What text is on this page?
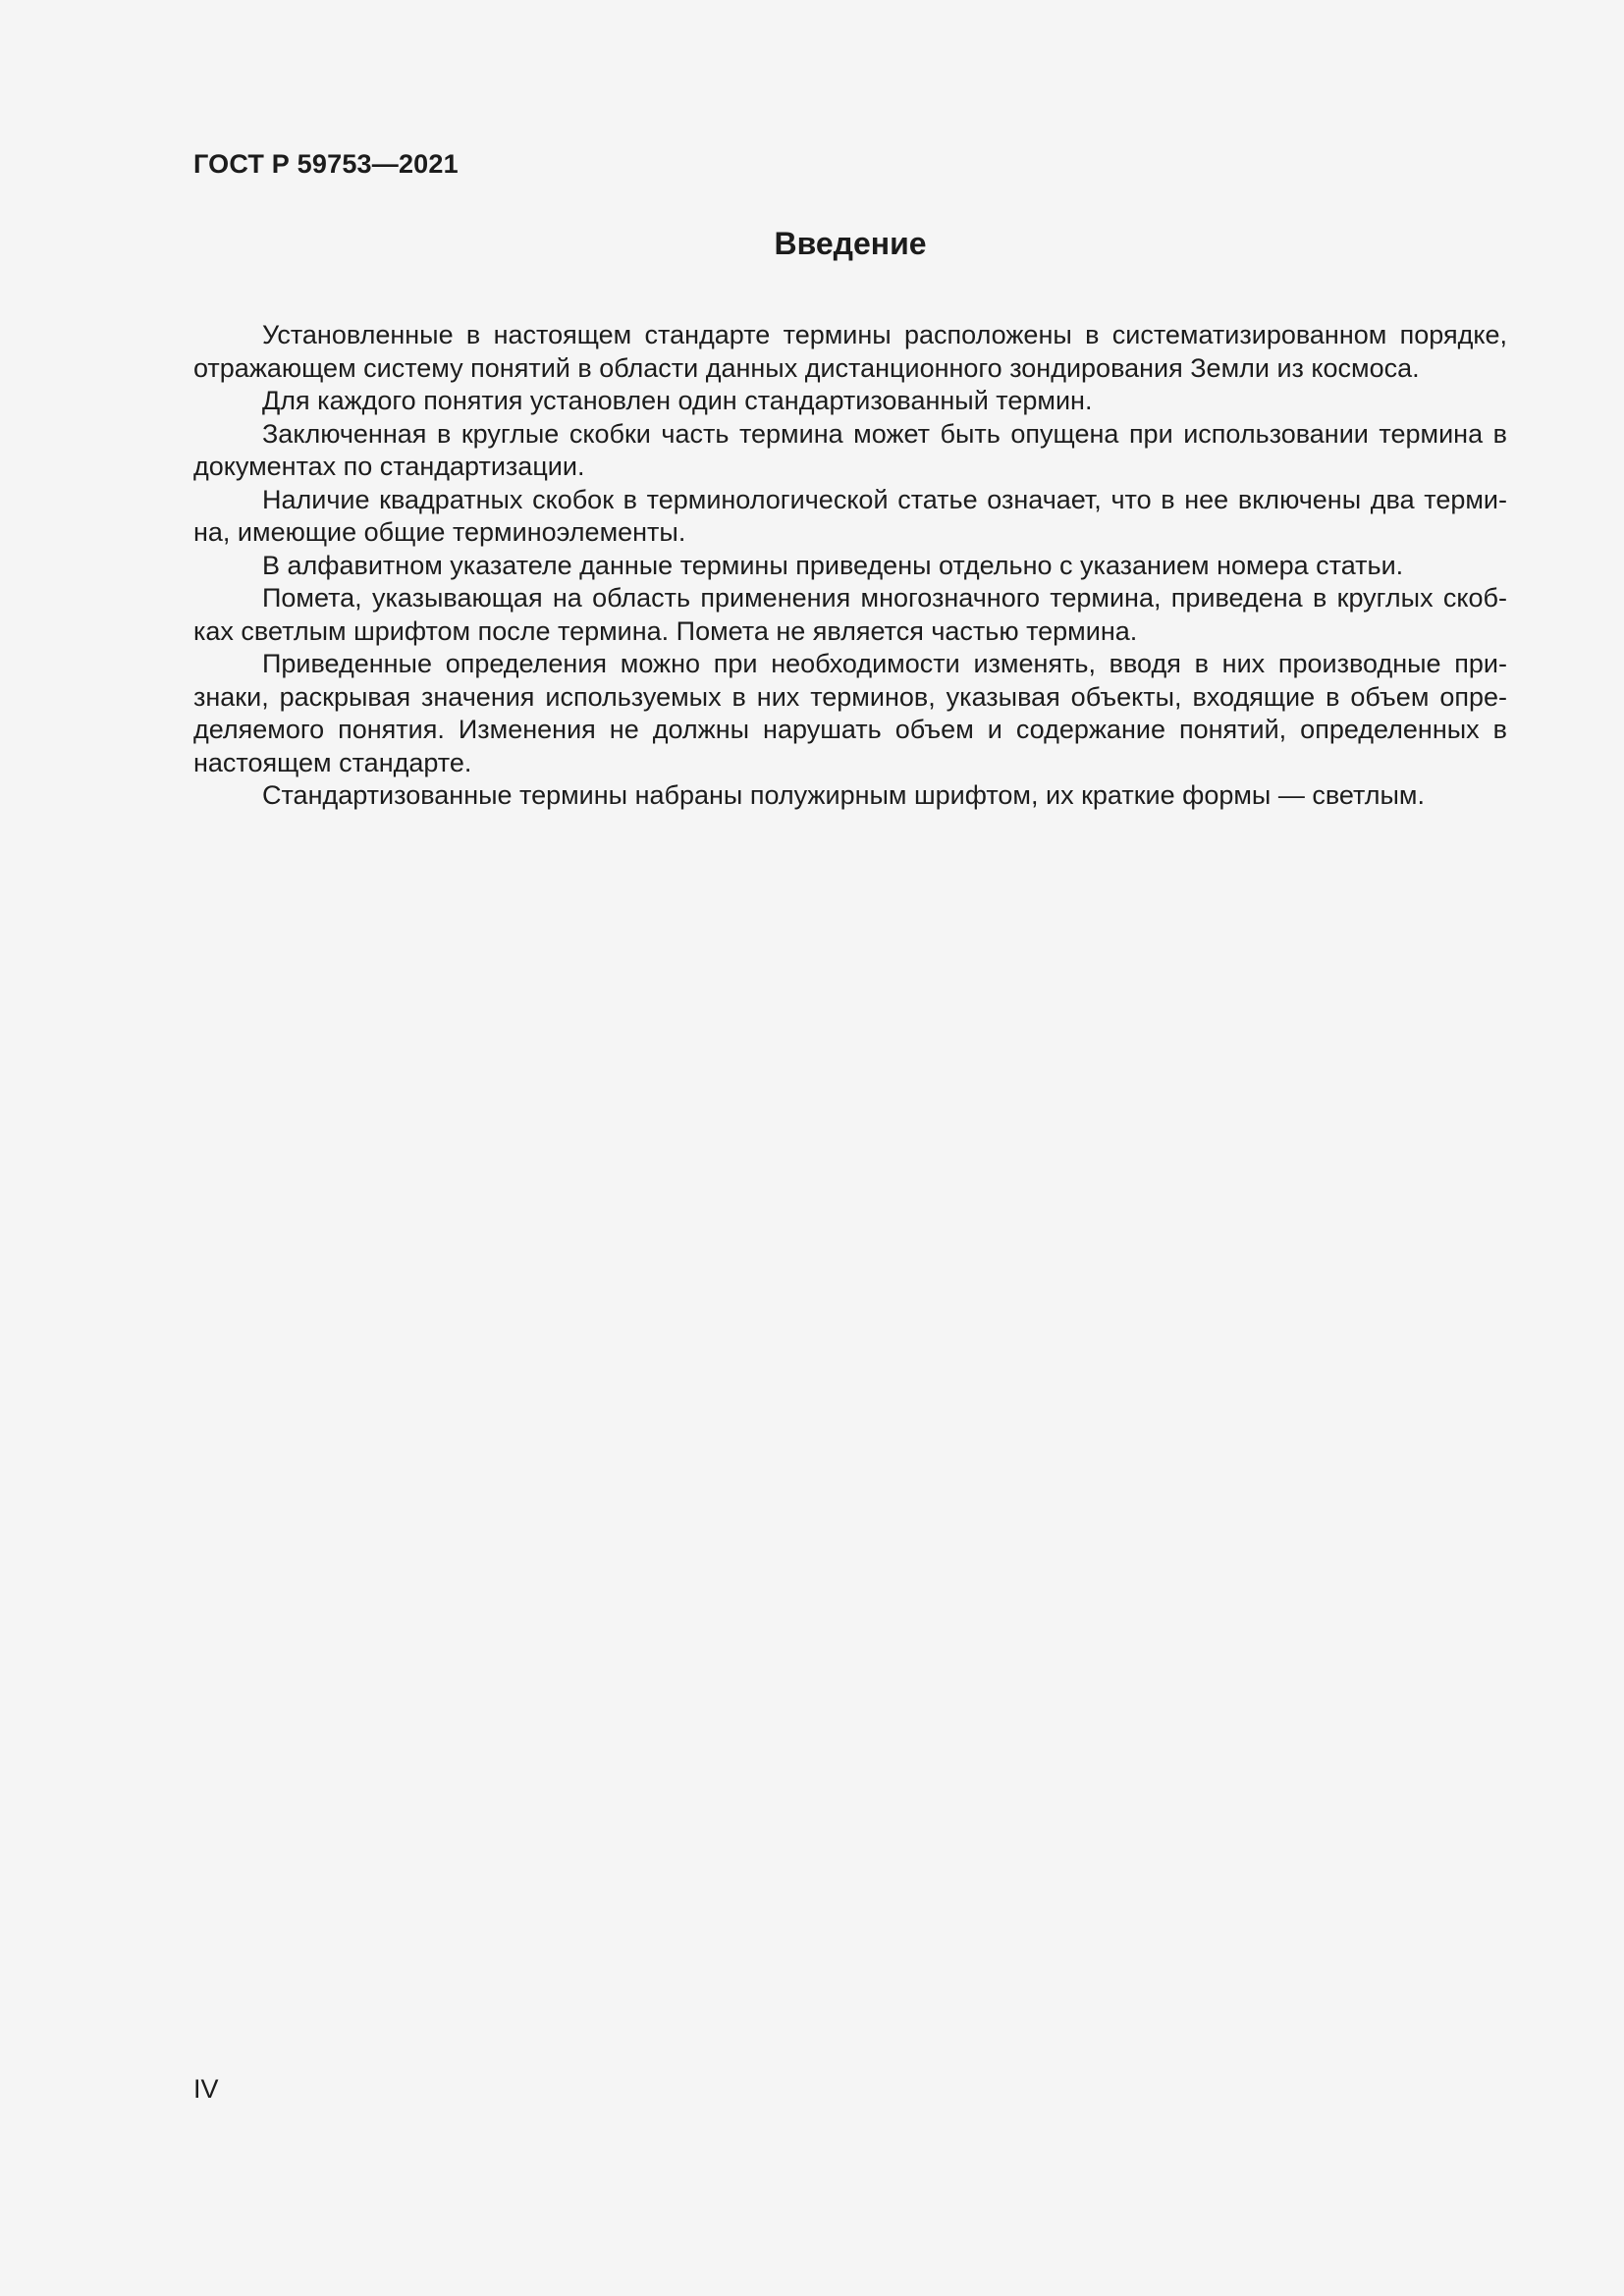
ГОСТ Р 59753—2021
Введение

Установленные в настоящем стандарте термины расположены в систематизированном порядке, отражающем систему понятий в области данных дистанционного зондирования Земли из космоса.

Для каждого понятия установлен один стандартизованный термин.

Заключенная в круглые скобки часть термина может быть опущена при использовании термина в документах по стандартизации.

Наличие квадратных скобок в терминологической статье означает, что в нее включены два термина, имеющие общие терминоэлементы.

В алфавитном указателе данные термины приведены отдельно с указанием номера статьи.

Помета, указывающая на область применения многозначного термина, приведена в круглых скобках светлым шрифтом после термина. Помета не является частью термина.

Приведенные определения можно при необходимости изменять, вводя в них производные признаки, раскрывая значения используемых в них терминов, указывая объекты, входящие в объем определяемого понятия. Изменения не должны нарушать объем и содержание понятий, определенных в настоящем стандарте.

Стандартизованные термины набраны полужирным шрифтом, их краткие формы — светлым.

IV
